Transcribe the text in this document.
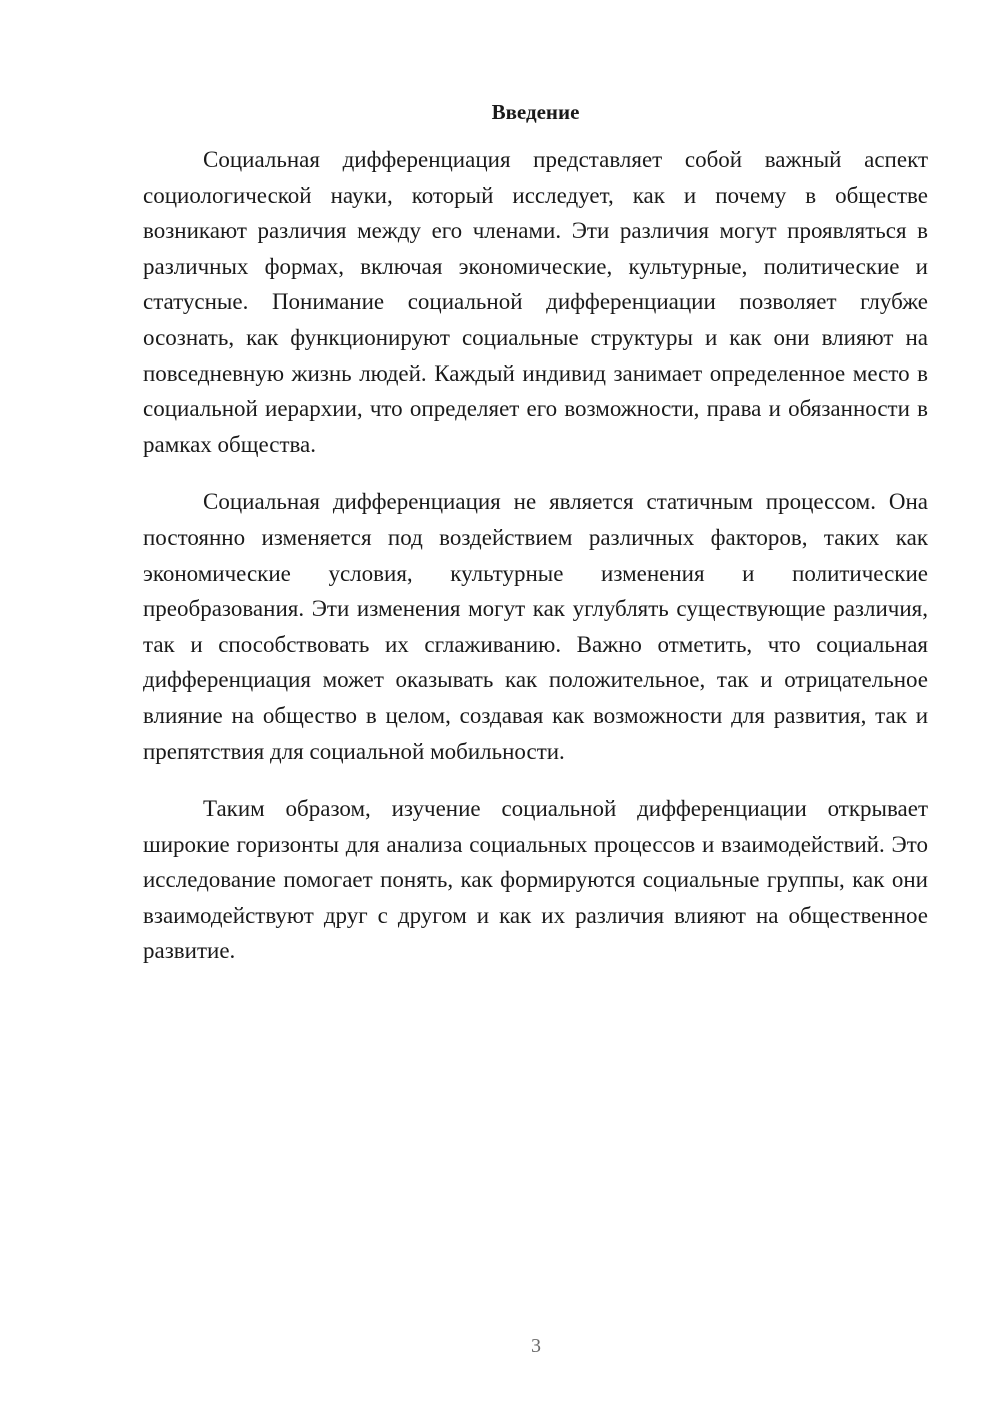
Введение

Социальная дифференциация представляет собой важный аспект социологической науки, который исследует, как и почему в обществе возникают различия между его членами. Эти различия могут проявляться в различных формах, включая экономические, культурные, политические и статусные. Понимание социальной дифференциации позволяет глубже осознать, как функционируют социальные структуры и как они влияют на повседневную жизнь людей. Каждый индивид занимает определенное место в социальной иерархии, что определяет его возможности, права и обязанности в рамках общества.

Социальная дифференциация не является статичным процессом. Она постоянно изменяется под воздействием различных факторов, таких как экономические условия, культурные изменения и политические преобразования. Эти изменения могут как углублять существующие различия, так и способствовать их сглаживанию. Важно отметить, что социальная дифференциация может оказывать как положительное, так и отрицательное влияние на общество в целом, создавая как возможности для развития, так и препятствия для социальной мобильности.

Таким образом, изучение социальной дифференциации открывает широкие горизонты для анализа социальных процессов и взаимодействий. Это исследование помогает понять, как формируются социальные группы, как они взаимодействуют друг с другом и как их различия влияют на общественное развитие.

3
